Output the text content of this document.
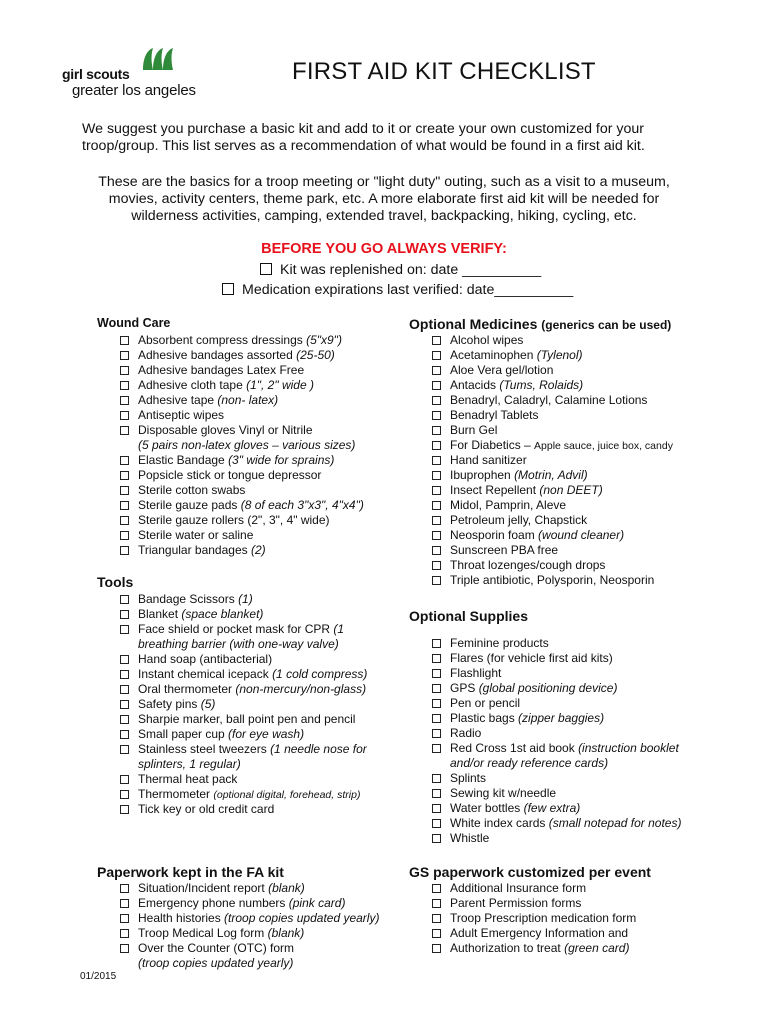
girl scouts
greater los angeles
FIRST AID KIT CHECKLIST
We suggest you purchase a basic kit and add to it or create your own customized for your troop/group. This list serves as a recommendation of what would be found in a first aid kit.
These are the basics for a troop meeting or "light duty" outing, such as a visit to a museum, movies, activity centers, theme park, etc. A more elaborate first aid kit will be needed for wilderness activities, camping, extended travel, backpacking, hiking, cycling, etc.
BEFORE YOU GO ALWAYS VERIFY:
Kit was replenished on: date __________
Medication expirations last verified: date__________
Wound Care
Absorbent compress dressings (5"x9")
Adhesive bandages assorted (25-50)
Adhesive bandages Latex Free
Adhesive cloth tape (1", 2" wide )
Adhesive tape (non- latex)
Antiseptic wipes
Disposable gloves Vinyl or Nitrile
(5 pairs non-latex gloves – various sizes)
Elastic Bandage (3" wide for sprains)
Popsicle stick or tongue depressor
Sterile cotton swabs
Sterile gauze pads (8 of each 3"x3", 4"x4")
Sterile gauze rollers (2", 3", 4" wide)
Sterile water or saline
Triangular bandages (2)
Tools
Bandage Scissors (1)
Blanket (space blanket)
Face shield or pocket mask for CPR (1
breathing barrier (with one-way valve)
Hand soap (antibacterial)
Instant chemical icepack (1 cold compress)
Oral thermometer (non-mercury/non-glass)
Safety pins (5)
Sharpie marker, ball point pen and pencil
Small paper cup (for eye wash)
Stainless steel tweezers (1 needle nose for
splinters, 1 regular)
Thermal heat pack
Thermometer (optional digital, forehead, strip)
Tick key or old credit card
Paperwork kept in the FA kit
Situation/Incident report (blank)
Emergency phone numbers (pink card)
Health histories (troop copies updated yearly)
Troop Medical Log form (blank)
Over the Counter (OTC) form
(troop copies updated yearly)
Optional Medicines (generics can be used)
Alcohol wipes
Acetaminophen (Tylenol)
Aloe Vera gel/lotion
Antacids (Tums, Rolaids)
Benadryl, Caladryl, Calamine Lotions
Benadryl Tablets
Burn Gel
For Diabetics – Apple sauce, juice box, candy
Hand sanitizer
Ibuprophen (Motrin, Advil)
Insect Repellent (non DEET)
Midol, Pamprin, Aleve
Petroleum jelly, Chapstick
Neosporin foam (wound cleaner)
Sunscreen PBA free
Throat lozenges/cough drops
Triple antibiotic, Polysporin, Neosporin
Optional Supplies
Feminine products
Flares (for vehicle first aid kits)
Flashlight
GPS (global positioning device)
Pen or pencil
Plastic bags (zipper baggies)
Radio
Red Cross 1st aid book (instruction booklet
and/or ready reference cards)
Splints
Sewing kit w/needle
Water bottles (few extra)
White index cards (small notepad for notes)
Whistle
GS paperwork customized per event
Additional Insurance form
Parent Permission forms
Troop Prescription medication form
Adult Emergency Information and
Authorization to treat (green card)
01/2015
